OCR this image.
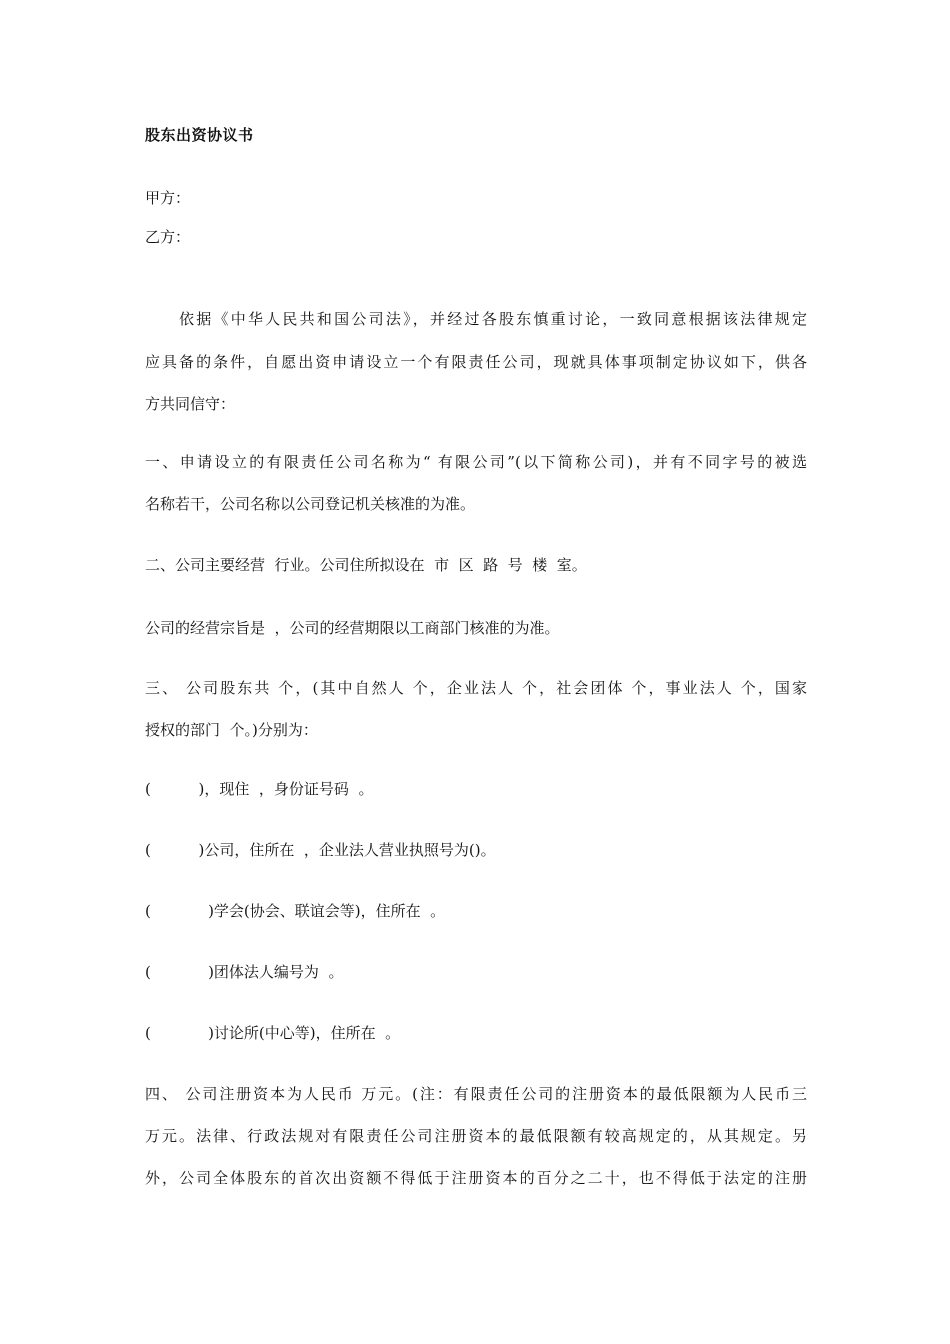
股东出资协议书
甲方：
乙方：
依据《中华人民共和国公司法》，并经过各股东慎重讨论，一致同意根据该法律规定
应具备的条件，自愿出资申请设立一个有限责任公司，现就具体事项制定协议如下，供各
方共同信守：
一、申请设立的有限责任公司名称为“ 有限公司”(以下简称公司)，并有不同字号的被选
名称若干，公司名称以公司登记机关核准的为准。
二、公司主要经营  行业。公司住所拟设在  市  区  路  号  楼  室。
公司的经营宗旨是  ，公司的经营期限以工商部门核准的为准。
三、 公司股东共 个，(其中自然人 个，企业法人 个，社会团体 个，事业法人 个，国家
授权的部门  个。)分别为：
(          )，现住  ，身份证号码  。
(          )公司，住所在  ，企业法人营业执照号为()。
(            )学会(协会、联谊会等)，住所在  。
(            )团体法人编号为  。
(            )讨论所(中心等)，住所在  。
四、 公司注册资本为人民币 万元。(注：有限责任公司的注册资本的最低限额为人民币三
万元。法律、行政法规对有限责任公司注册资本的最低限额有较高规定的，从其规定。另
外，公司全体股东的首次出资额不得低于注册资本的百分之二十，也不得低于法定的注册
